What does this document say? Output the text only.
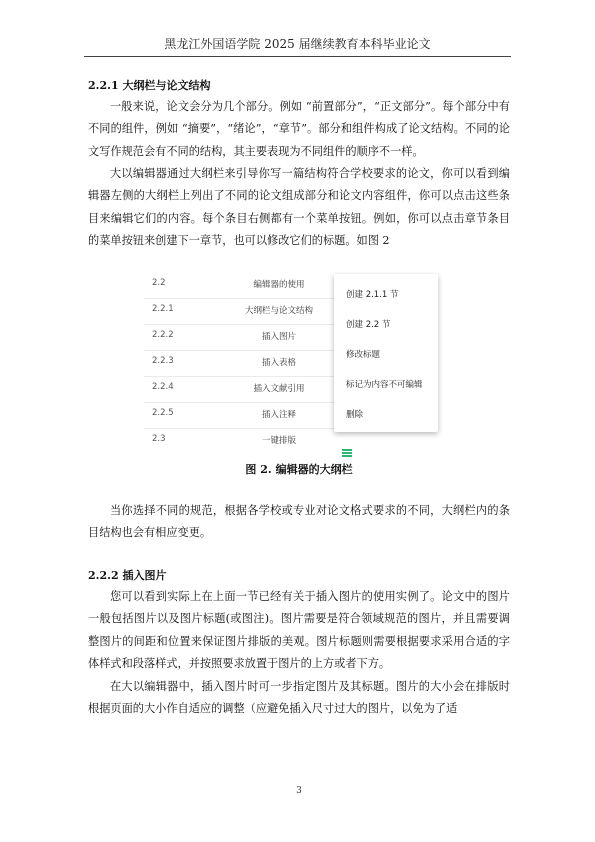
黑龙江外国语学院 2025 届继续教育本科毕业论文
2.2.1 大纲栏与论文结构

一般来说，论文会分为几个部分。例如 “前置部分”，“正文部分”。每个部分中有不同的组件，例如 “摘要”，“绪论”，“章节”。部分和组件构成了论文结构。不同的论文写作规范会有不同的结构，其主要表现为不同组件的顺序不一样。

大以编辑器通过大纲栏来引导你写一篇结构符合学校要求的论文，你可以看到编辑器左侧的大纲栏上列出了不同的论文组成部分和论文内容组件，你可以点击这些条目来编辑它们的内容。每个条目右侧都有一个菜单按钮。例如，你可以点击章节条目的菜单按钮来创建下一章节，也可以修改它们的标题。如图 2

2.2	编辑器的使用
2.2.1	大纲栏与论文结构
2.2.2	插入图片
2.2.3	插入表格
2.2.4	插入文献引用
2.2.5	插入注释
2.3	一键排版
创建 2.1.1 节
创建 2.2 节
修改标题
标记为内容不可编辑
删除
图 2. 编辑器的大纲栏

当你选择不同的规范，根据各学校或专业对论文格式要求的不同，大纲栏内的条目结构也会有相应变更。

2.2.2 插入图片

您可以看到实际上在上面一节已经有关于插入图片的使用实例了。论文中的图片一般包括图片以及图片标题(或图注)。图片需要是符合领域规范的图片，并且需要调整图片的间距和位置来保证图片排版的美观。图片标题则需要根据要求采用合适的字体样式和段落样式，并按照要求放置于图片的上方或者下方。

在大以编辑器中，插入图片时可一步指定图片及其标题。图片的大小会在排版时根据页面的大小作自适应的调整（应避免插入尺寸过大的图片，以免为了适

3
